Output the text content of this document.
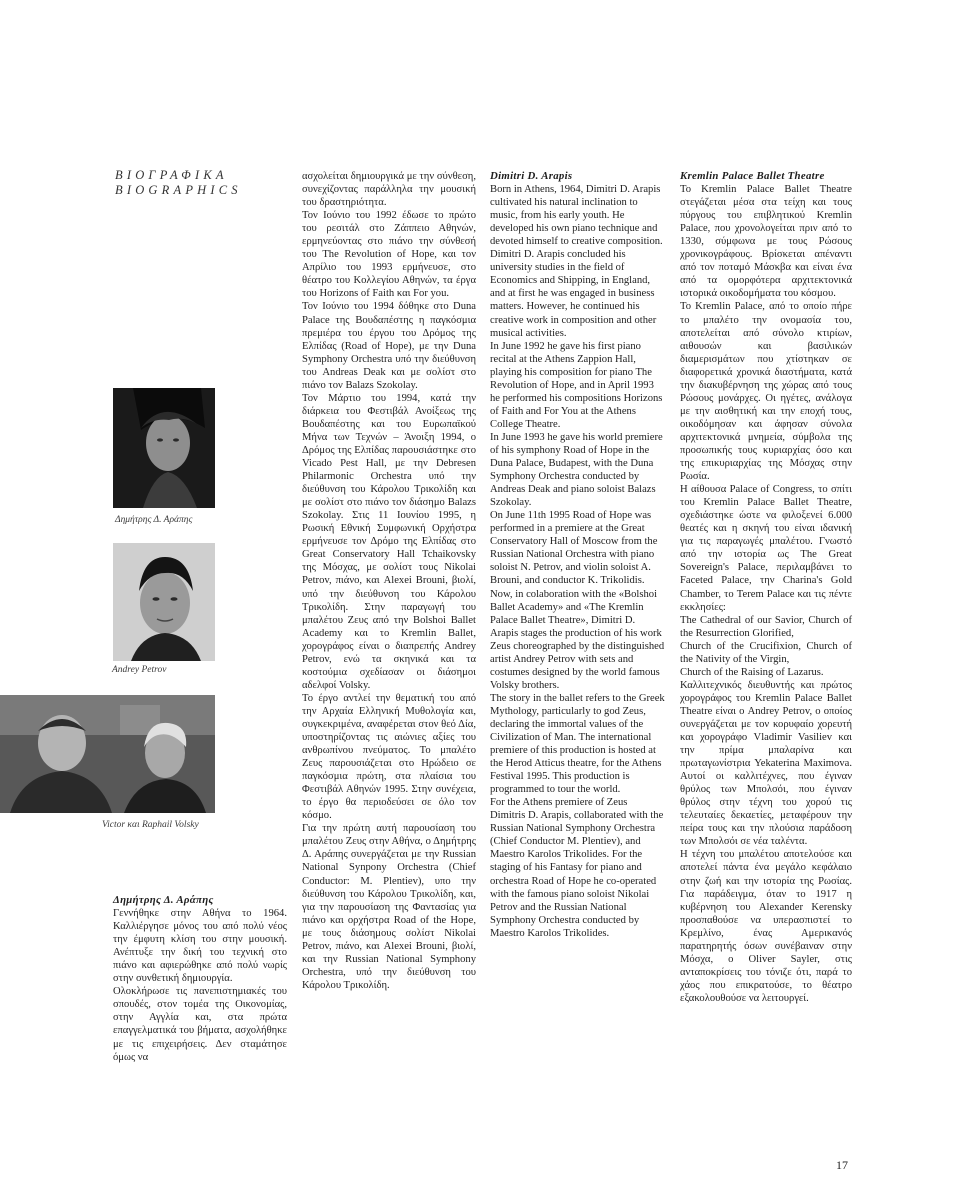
ΒΙΟΓΡΑΦΙΚΑ
BIOGRAPHICS
Δημήτρης Δ. Αράπης
Andrey Petrov
Victor και Raphail Volsky
Δημήτρης Δ. Αράπης

Γεννήθηκε στην Αθήνα το 1964. Καλλιέργησε μόνος του από πολύ νέος την έμφυτη κλίση του στην μουσική. Ανέπτυξε την δική του τεχνική στο πιάνο και αφιερώθηκε από πολύ νωρίς στην συνθετική δημιουργία.

Ολοκλήρωσε τις πανεπιστημιακές του σπουδές, στον τομέα της Οικονομίας, στην Αγγλία και, στα πρώτα επαγγελματικά του βήματα, ασχολήθηκε με τις επιχειρήσεις. Δεν σταμάτησε όμως να

ασχολείται δημιουργικά με την σύνθεση, συνεχίζοντας παράλληλα την μουσική του δραστηριότητα.

Τον Ιούνιο του 1992 έδωσε το πρώτο του ρεσιτάλ στο Ζάππειο Αθηνών, ερμηνεύοντας στο πιάνο την σύνθεσή του The Revolution of Hope, και τον Απρίλιο του 1993 ερμήνευσε, στο θέατρο του Κολλεγίου Αθηνών, τα έργα του Horizons of Faith και For you.

Τον Ιούνιο του 1994 δόθηκε στο Duna Palace της Βουδαπέστης η παγκόσμια πρεμιέρα του έργου του Δρόμος της Ελπίδας (Road of Hope), με την Duna Symphony Orchestra υπό την διεύθυνση του Andreas Deak και με σολίστ στο πιάνο τον Balazs Szokolay.

Τον Μάρτιο του 1994, κατά την διάρκεια του Φεστιβάλ Ανοίξεως της Βουδαπέστης και του Ευρωπαϊκού Μήνα των Τεχνών – Άνοιξη 1994, ο Δρόμος της Ελπίδας παρουσιάστηκε στο Vicado Pest Hall, με την Debresen Philarmonic Orchestra υπό την διεύθυνση του Κάρολου Τρικολίδη και με σολίστ στο πιάνο τον διάσημο Balazs Szokolay. Στις 11 Ιουνίου 1995, η Ρωσική Εθνική Συμφωνική Ορχήστρα ερμήνευσε τον Δρόμο της Ελπίδας στο Great Conservatory Hall Tchaikovsky της Μόσχας, με σολίστ τους Nikolai Petrov, πιάνο, και Alexei Brouni, βιολί, υπό την διεύθυνση του Κάρολου Τρικολίδη. Στην παραγωγή του μπαλέτου Ζευς από την Bolshoi Ballet Academy και το Kremlin Ballet, χορογράφος είναι ο διαπρεπής Andrey Petrov, ενώ τα σκηνικά και τα κοστούμια σχεδίασαν οι διάσημοι αδελφοί Volsky.

Το έργο αντλεί την θεματική του από την Αρχαία Ελληνική Μυθολογία και, συγκεκριμένα, αναφέρεται στον θεό Δία, υποστηρίζοντας τις αιώνιες αξίες του ανθρωπίνου πνεύματος. Το μπαλέτο Ζευς παρουσιάζεται στο Ηρώδειο σε παγκόσμια πρώτη, στα πλαίσια του Φεστιβάλ Αθηνών 1995. Στην συνέχεια, το έργο θα περιοδεύσει σε όλο τον κόσμο.

Για την πρώτη αυτή παρουσίαση του μπαλέτου Ζευς στην Αθήνα, ο Δημήτρης Δ. Αράπης συνεργάζεται με την Russian National Synpony Orchestra (Chief Conductor: M. Plentiev), υπο την διεύθυνση του Κάρολου Τρικολίδη, και, για την παρουσίαση της Φαντασίας για πιάνο και ορχήστρα Road of the Hope, με τους διάσημους σολίστ Nikolai Petrov, πιάνο, και Alexei Brouni, βιολί, και την Russian National Symphony Orchestra, υπό την διεύθυνση του Κάρολου Τρικολίδη.

Dimitri D. Arapis

Born in Athens, 1964, Dimitri D. Arapis cultivated his natural inclination to music, from his early youth. He developed his own piano technique and devoted himself to creative composition.

Dimitri D. Arapis concluded his university studies in the field of Economics and Shipping, in England, and at first he was engaged in business matters. However, he continued his creative work in composition and other musical activities.

In June 1992 he gave his first piano recital at the Athens Zappion Hall, playing his composition for piano The Revolution of Hope, and in April 1993 he performed his compositions Horizons of Faith and For You at the Athens College Theatre.

In June 1993 he gave his world premiere of his symphony Road of Hope in the Duna Palace, Budapest, with the Duna Symphony Orchestra conducted by Andreas Deak and piano soloist Balazs Szokolay.

On June 11th 1995 Road of Hope was performed in a premiere at the Great Conservatory Hall of Moscow from the Russian National Orchestra with piano soloist N. Petrov, and violin soloist A. Brouni, and conductor K. Trikolidis.

Now, in colaboration with the «Bolshoi Ballet Academy» and «The Kremlin Palace Ballet Theatre», Dimitri D. Arapis stages the production of his work Zeus choreographed by the distinguished artist Andrey Petrov with sets and costumes designed by the world famous Volsky brothers.

The story in the ballet refers to the Greek Mythology, particularly to god Zeus, declaring the immortal values of the Civilization of Man. The international premiere of this production is hosted at the Herod Atticus theatre, for the Athens Festival 1995. This production is programmed to tour the world.

For the Athens premiere of Zeus Dimitris D. Arapis, collaborated with the Russian National Symphony Orchestra (Chief Conductor M. Plentiev), and Maestro Karolos Trikolides. For the staging of his Fantasy for piano and orchestra Road of Hope he co-operated with the famous piano soloist Nikolai Petrov and the Russian National Symphony Orchestra conducted by Maestro Karolos Trikolides.

Kremlin Palace Ballet Theatre

Το Kremlin Palace Ballet Theatre στεγάζεται μέσα στα τείχη και τους πύργους του επιβλητικού Kremlin Palace, που χρονολογείται πριν από το 1330, σύμφωνα με τους Ρώσους χρονικογράφους. Βρίσκεται απέναντι από τον ποταμό Μάσκβα και είναι ένα από τα ομορφότερα αρχιτεκτονικά ιστορικά οικοδομήματα του κόσμου.

Το Kremlin Palace, από το οποίο πήρε το μπαλέτο την ονομασία του, αποτελείται από σύνολο κτιρίων, αιθουσών και βασιλικών διαμερισμάτων που χτίστηκαν σε διαφορετικά χρονικά διαστήματα, κατά την διακυβέρνηση της χώρας από τους Ρώσους μονάρχες. Οι ηγέτες, ανάλογα με την αισθητική και την εποχή τους, οικοδόμησαν και άφησαν σύνολα αρχιτεκτονικά μνημεία, σύμβολα της προσωπικής τους κυριαρχίας όσο και της επικυριαρχίας της Μόσχας στην Ρωσία.

Η αίθουσα Palace of Congress, το σπίτι του Kremlin Palace Ballet Theatre, σχεδιάστηκε ώστε να φιλοξενεί 6.000 θεατές και η σκηνή του είναι ιδανική για τις παραγωγές μπαλέτου. Γνωστό από την ιστορία ως The Great Sovereign's Palace, περιλαμβάνει το Faceted Palace, την Charina's Gold Chamber, το Terem Palace και τις πέντε εκκλησίες:

The Cathedral of our Savior, Church of the Resurrection Glorified,

Church of the Crucifixion, Church of the Nativity of the Virgin,

Church of the Raising of Lazarus.

Καλλιτεχνικός διευθυντής και πρώτος χορογράφος του Kremlin Palace Ballet Theatre είναι ο Andrey Petrov, ο οποίος συνεργάζεται με τον κορυφαίο χορευτή και χορογράφο Vladimir Vasiliev και την πρίμα μπαλαρίνα και πρωταγωνίστρια Yekaterina Maximova. Αυτοί οι καλλιτέχνες, που έγιναν θρύλος των Μπολσόι, που έγιναν θρύλος στην τέχνη του χορού τις τελευταίες δεκαετίες, μεταφέρουν την πείρα τους και την πλούσια παράδοση των Μπολσόι σε νέα ταλέντα.

Η τέχνη του μπαλέτου αποτελούσε και αποτελεί πάντα ένα μεγάλο κεφάλαιο στην ζωή και την ιστορία της Ρωσίας. Για παράδειγμα, όταν το 1917 η κυβέρνηση του Alexander Kerensky προσπαθούσε να υπερασπιστεί το Κρεμλίνο, ένας Αμερικανός παρατηρητής όσων συνέβαιναν στην Μόσχα, ο Oliver Sayler, στις ανταποκρίσεις του τόνιζε ότι, παρά το χάος που επικρατούσε, το θέατρο εξακολουθούσε να λειτουργεί.

17
